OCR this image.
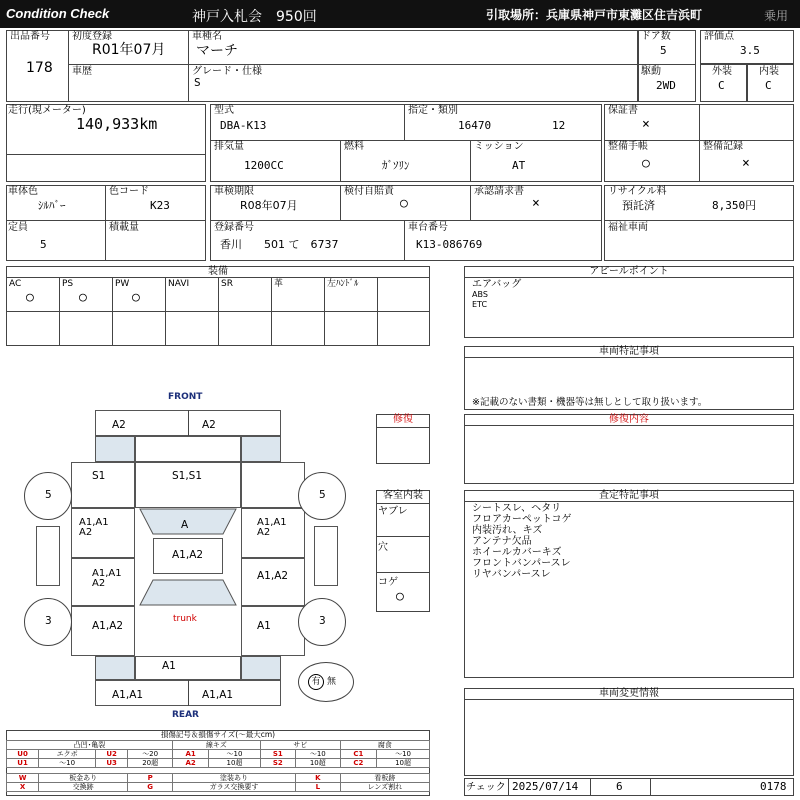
Condition Check	神戸入札会　950回	引取場所：兵庫県神戸市東灘区住吉浜町	乗用
出品番号
178
初度登録
R01年07月
車種名
マーチ
車歴	グレード・仕様
S
ドア数
5
駆動
2WD
評価点
3.5
外装
C
内装
C
走行(現メーター)
140,933km
型式
DBA-K13
指定・類別
16470	12
排気量
1200CC
燃料
ｶﾞｿﾘﾝ
ミッション
AT
保証書
×
整備手帳
○
整備記録
×
車体色
ｼﾙﾊﾞｰ
色コード
K23
定員
5
積載量
車検期限
R08年07月
検付自賠責
○
承認請求書
×
登録番号
香川　　501 て　6737
車台番号
K13-086769
リサイクル料
預託済	8,350円
福祉車両
装備
AC
○
PS
○
PW
○
NAVI	SR	革	左ﾊﾝﾄﾞﾙ
アピールポイント
エアバッグ
ABS
ETC
車両特記事項
※記載のない書類・機器等は無しとして取り扱います。
修復内容
査定特記事項
シートスレ、ヘタリ
フロアカーペットコゲ
内装汚れ、キズ
アンテナ欠品
ホイールカバーキズ
フロントバンパースレ
リヤバンパースレ
車両変更情報
チェック 2025/07/14	6	0178
FRONT
REAR
A2	A2
S1	S1,S1
A1,A1
A2
A	A1,A1
A2
A1,A2
A1,A1
A2
A1,A2
A1,A2	A1
trunk
A1
A1,A1	A1,A1
5	5
3	3
有 無
修復
客室内装
ヤブレ
穴
コゲ
○
損傷記号＆損傷サイズ(～最大cm)
凸凹･亀裂				線キズ		サビ		腐食	
U0	エクボ	U2	～20	A1	～10	S1	～10	C1	～10
U1	～10	U3	20超	A2	10超	S2	10超	C2	10超

W	板金あり		P	塗装あり			K	看板跡	
X	交換跡		G	ガラス交換要す			L	レンズ割れ	
